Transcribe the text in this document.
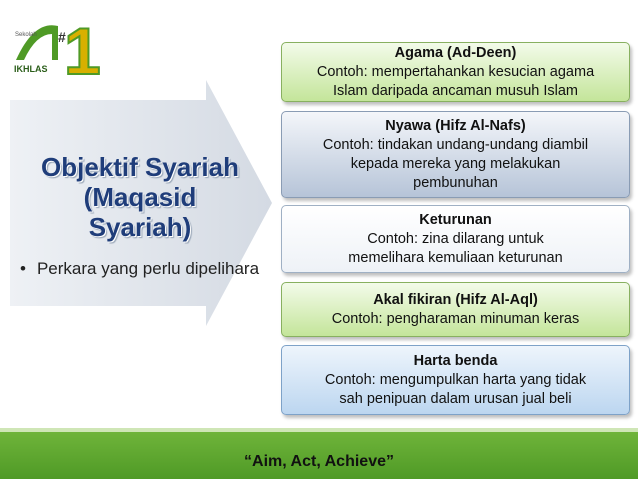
Sekolah
IKHLAS
#
1
Objektif Syariah
(Maqasid
Syariah)
• Perkara yang perlu dipelihara
Agama (Ad-Deen)
Contoh: mempertahankan kesucian agama
Islam daripada ancaman musuh Islam
Nyawa (Hifz Al-Nafs)
Contoh: tindakan undang-undang diambil
kepada mereka yang melakukan
pembunuhan
Keturunan
Contoh: zina dilarang untuk
memelihara kemuliaan keturunan
Akal fikiran (Hifz Al-Aql)
Contoh: pengharaman minuman keras
Harta benda
Contoh: mengumpulkan harta yang tidak
sah penipuan dalam urusan jual beli
“Aim, Act, Achieve”
